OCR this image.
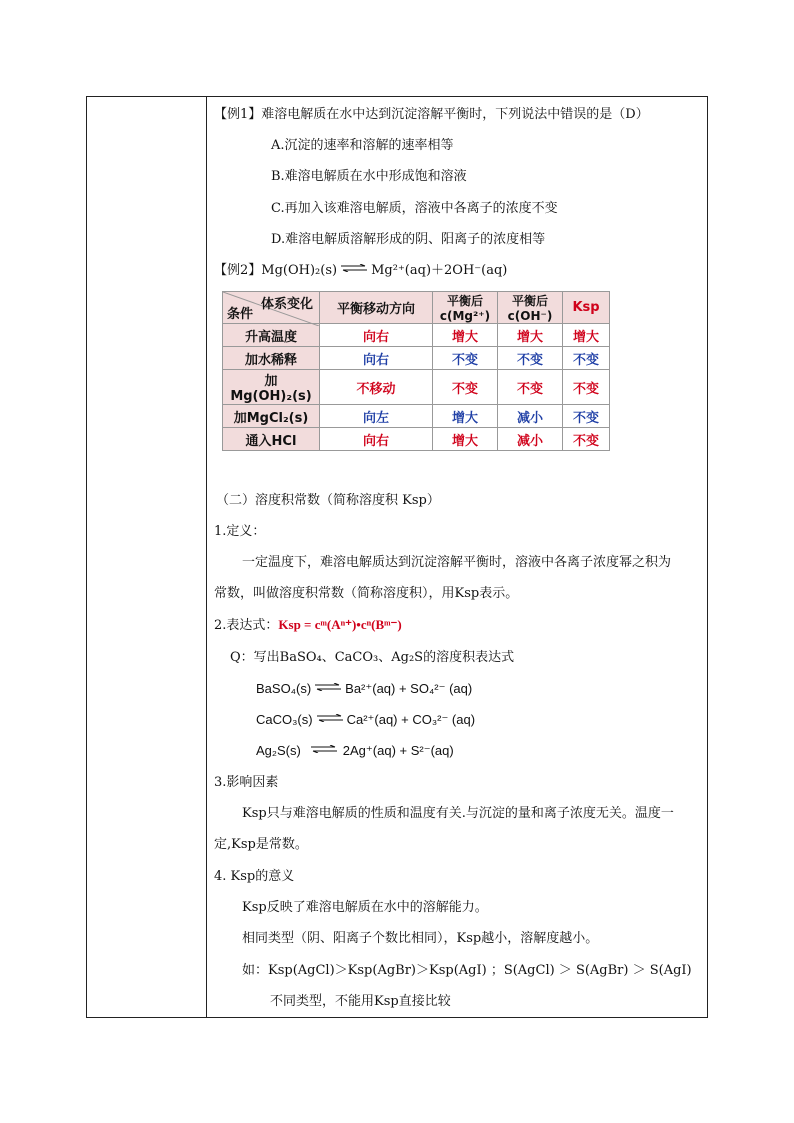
【例1】难溶电解质在水中达到沉淀溶解平衡时，下列说法中错误的是（D）
A.沉淀的速率和溶解的速率相等
B.难溶电解质在水中形成饱和溶液
C.再加入该难溶电解质，溶液中各离子的浓度不变
D.难溶电解质溶解形成的阴、阳离子的浓度相等
【例2】Mg(OH)₂(s) ⇌ Mg²⁺(aq)＋2OH⁻(aq)
体系变化
条件	平衡移动方向	平衡后c(Mg²⁺)	平衡后c(OH⁻)	Ksp
升高温度	向右	增大	增大	增大
加水稀释	向右	不变	不变	不变
加Mg(OH)₂(s)	不移动	不变	不变	不变
加MgCl₂(s)	向左	增大	减小	不变
通入HCl	向右	增大	减小	不变
（二）溶度积常数（简称溶度积 Ksp）
1.定义：
一定温度下，难溶电解质达到沉淀溶解平衡时，溶液中各离子浓度幂之积为
常数，叫做溶度积常数（简称溶度积），用Ksp表示。
2.表达式：Ksp = cᵐ(Aⁿ⁺)•cⁿ(Bᵐ⁻)
Q：写出BaSO₄、CaCO₃、Ag₂S的溶度积表达式
BaSO₄(s) ⇌ Ba²⁺(aq) + SO₄²⁻ (aq)
CaCO₃(s) ⇌ Ca²⁺(aq) + CO₃²⁻ (aq)
Ag₂S(s) ⇌ 2Ag⁺(aq) + S²⁻(aq)
3.影响因素
Ksp只与难溶电解质的性质和温度有关.与沉淀的量和离子浓度无关。温度一
定,Ksp是常数。
4. Ksp的意义
Ksp反映了难溶电解质在水中的溶解能力。
相同类型（阴、阳离子个数比相同），Ksp越小，溶解度越小。
如：Ksp(AgCl)＞Ksp(AgBr)＞Ksp(AgI) ；S(AgCl) ＞ S(AgBr) ＞ S(AgI)
不同类型，不能用Ksp直接比较
